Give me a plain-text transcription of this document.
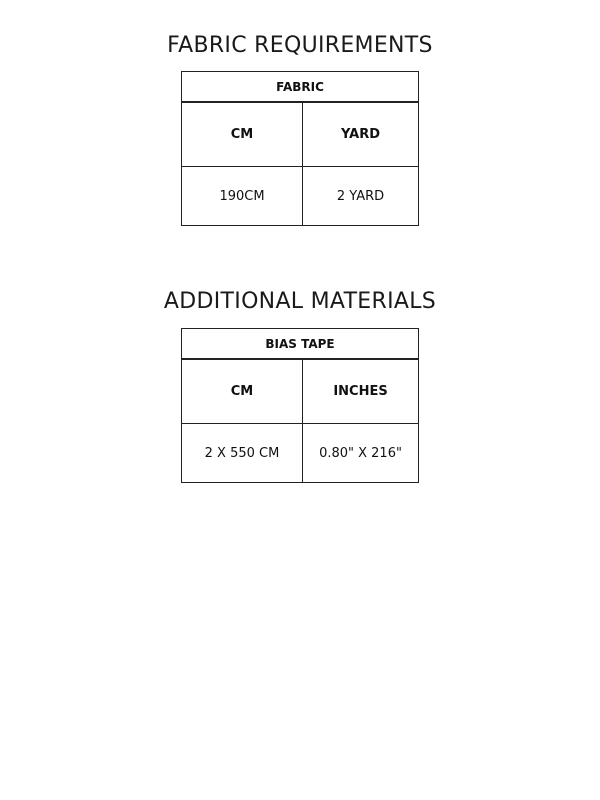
FABRIC REQUIREMENTS
FABRIC	
CM	YARD
190CM	2 YARD
ADDITIONAL MATERIALS
BIAS TAPE	
CM	INCHES
2 X 550 CM	0.80" X 216"
